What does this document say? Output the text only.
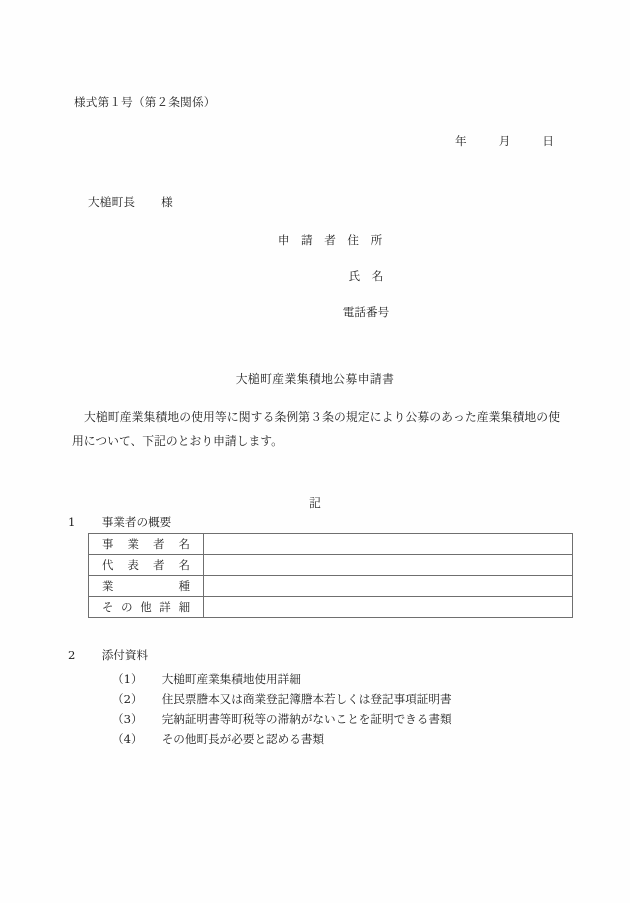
様式第１号（第２条関係）
年	月	日
大槌町長 様
申　請　者　住　所
氏　名
電話番号
大槌町産業集積地公募申請書
大槌町産業集積地の使用等に関する条例第３条の規定により公募のあった産業集積地の使用について、下記のとおり申請します。
記
1 事業者の概要
事 業 者 名	

代 表 者 名	

業 種	

そ の 他 詳 細	

2 添付資料
（1） 大槌町産業集積地使用詳細
（2） 住民票謄本又は商業登記簿謄本若しくは登記事項証明書
（3） 完納証明書等町税等の滞納がないことを証明できる書類
（4） その他町長が必要と認める書類
